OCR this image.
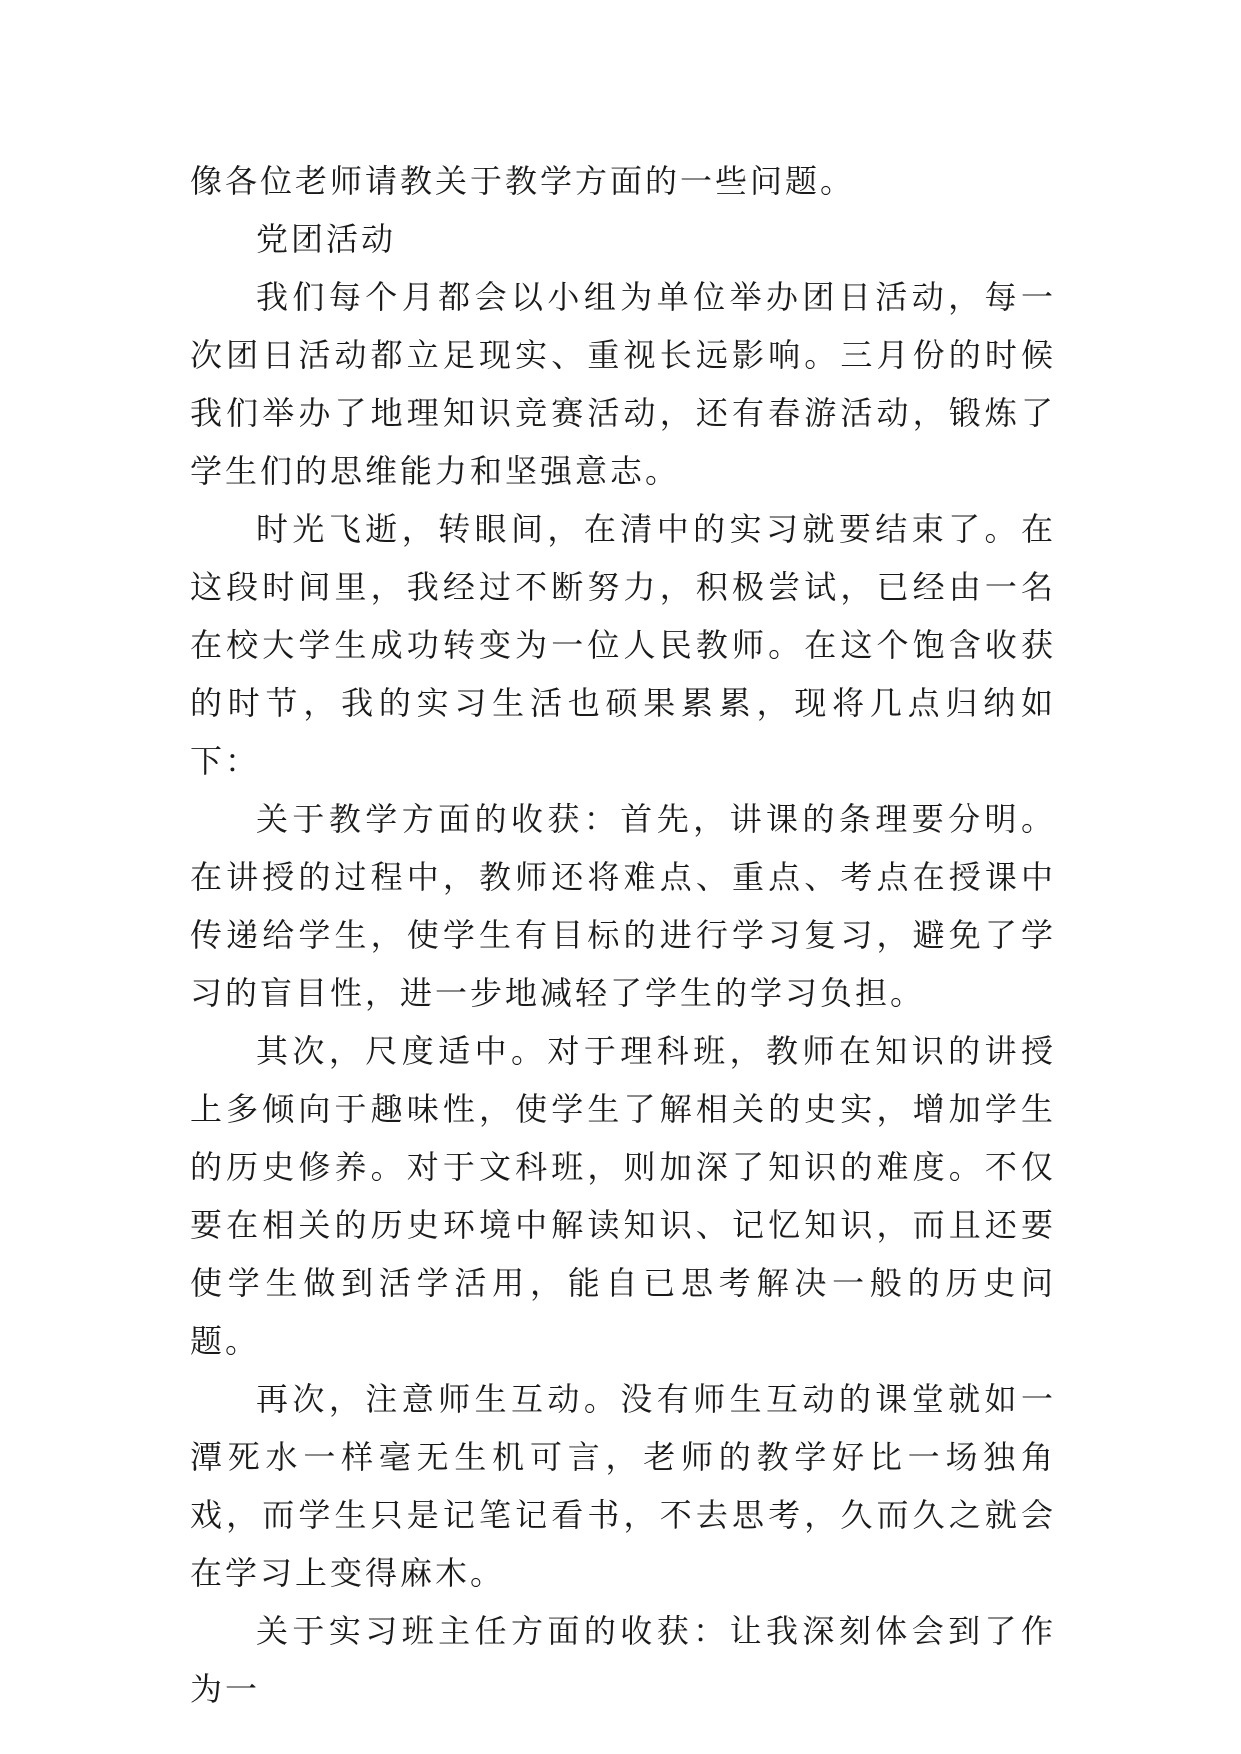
像各位老师请教关于教学方面的一些问题。

党团活动

我们每个月都会以小组为单位举办团日活动，每一次团日活动都立足现实、重视长远影响。三月份的时候我们举办了地理知识竞赛活动，还有春游活动，锻炼了学生们的思维能力和坚强意志。

时光飞逝，转眼间，在清中的实习就要结束了。在这段时间里，我经过不断努力，积极尝试，已经由一名在校大学生成功转变为一位人民教师。在这个饱含收获的时节，我的实习生活也硕果累累，现将几点归纳如下：

关于教学方面的收获：首先，讲课的条理要分明。在讲授的过程中，教师还将难点、重点、考点在授课中传递给学生，使学生有目标的进行学习复习，避免了学习的盲目性，进一步地减轻了学生的学习负担。

其次，尺度适中。对于理科班，教师在知识的讲授上多倾向于趣味性，使学生了解相关的史实，增加学生的历史修养。对于文科班，则加深了知识的难度。不仅要在相关的历史环境中解读知识、记忆知识，而且还要使学生做到活学活用，能自已思考解决一般的历史问题。

再次，注意师生互动。没有师生互动的课堂就如一潭死水一样毫无生机可言，老师的教学好比一场独角戏，而学生只是记笔记看书，不去思考，久而久之就会在学习上变得麻木。

关于实习班主任方面的收获：让我深刻体会到了作为一
